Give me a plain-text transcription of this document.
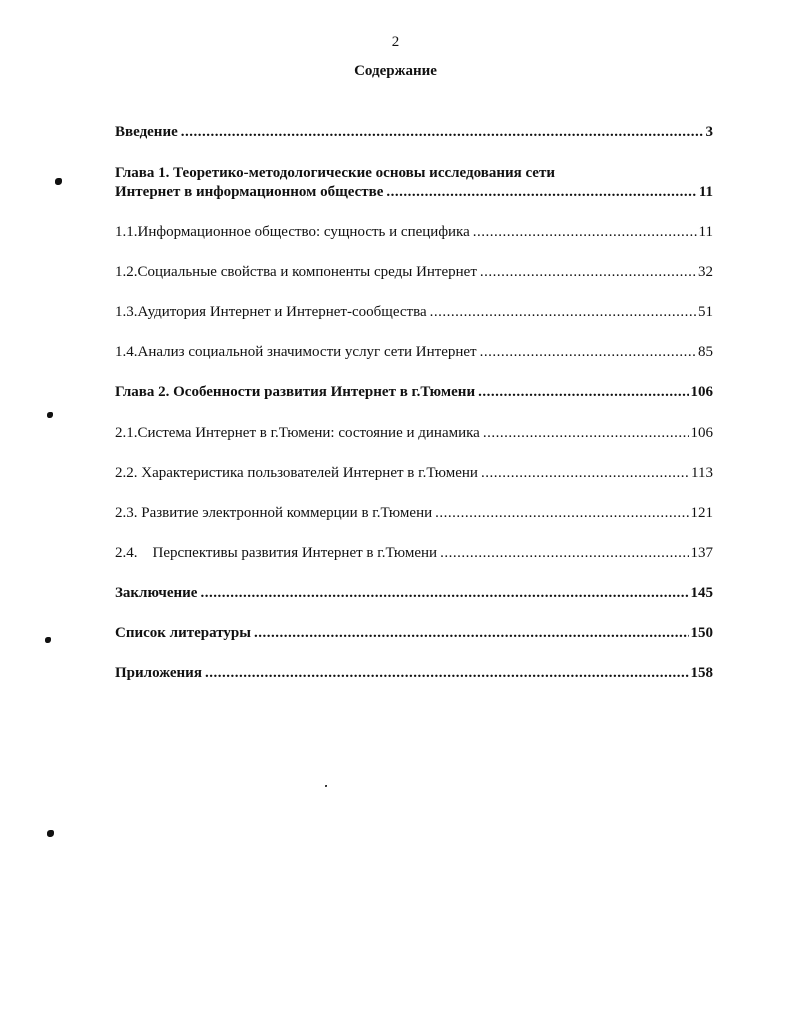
2
Содержание
Введение .....	3
Глава 1. Теоретико-методологические основы исследования сети
Интернет в информационном обществе .....	11
1.1.Информационное общество: сущность и специфика .....	11
1.2.Социальные свойства и компоненты среды Интернет .....	32
1.3.Аудитория Интернет и Интернет-сообщества .....	51
1.4.Анализ социальной значимости услуг сети Интернет .....	85
Глава 2. Особенности развития Интернет в г.Тюмени .....	106
2.1.Система Интернет в г.Тюмени: состояние и динамика .....	106
2.2. Характеристика пользователей Интернет в г.Тюмени .....	113
2.3. Развитие электронной коммерции в г.Тюмени .....	121
2.4.    Перспективы развития Интернет в г.Тюмени .....	137
Заключение .....	145
Список литературы .....	150
Приложения .....	158
